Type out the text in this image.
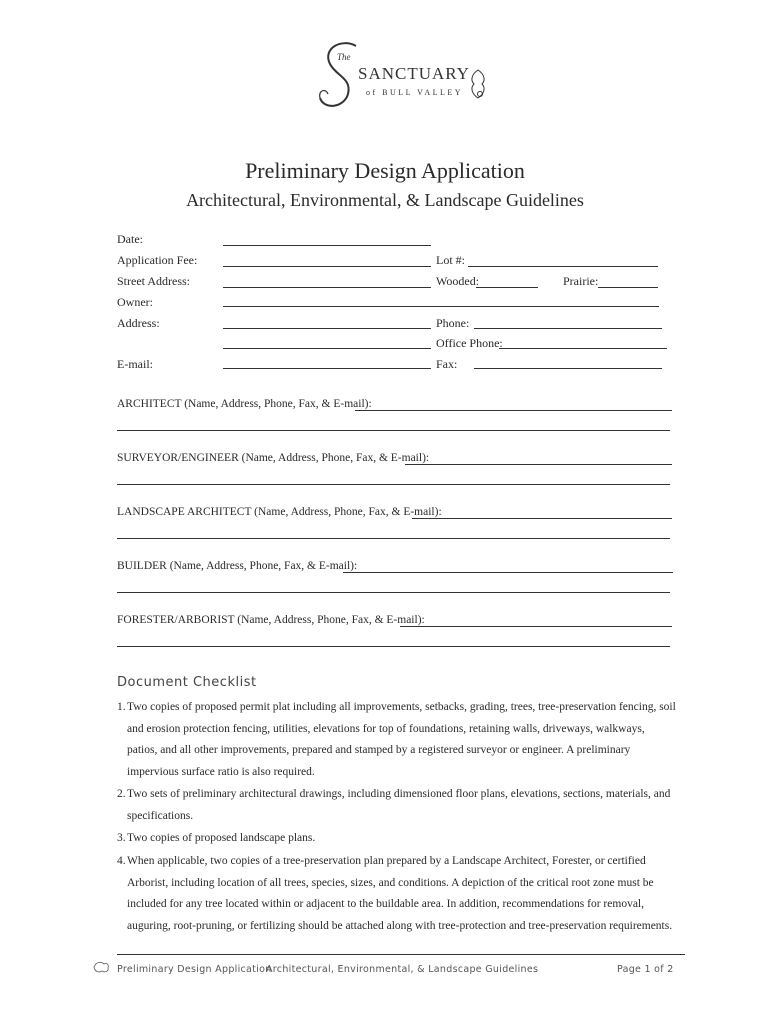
The
SANCTUARY
of BULL VALLEY
Preliminary Design Application
Architectural, Environmental, & Landscape Guidelines
Date:
Application Fee:	Lot #:
Street Address:	Wooded:	Prairie:
Owner:
Address:	Phone:
Office Phone:
E-mail:	Fax:
ARCHITECT (Name, Address, Phone, Fax, & E-mail):
SURVEYOR/ENGINEER (Name, Address, Phone, Fax, & E-mail):
LANDSCAPE ARCHITECT (Name, Address, Phone, Fax, & E-mail):
BUILDER (Name, Address, Phone, Fax, & E-mail):
FORESTER/ARBORIST (Name, Address, Phone, Fax, & E-mail):
Document Checklist
1. Two copies of proposed permit plat including all improvements, setbacks, grading, trees, tree-preservation fencing, soil and erosion protection fencing, utilities, elevations for top of foundations, retaining walls, driveways, walkways, patios, and all other improvements, prepared and stamped by a registered surveyor or engineer. A preliminary impervious surface ratio is also required.
2. Two sets of preliminary architectural drawings, including dimensioned floor plans, elevations, sections, materials, and specifications.
3. Two copies of proposed landscape plans.
4. When applicable, two copies of a tree-preservation plan prepared by a Landscape Architect, Forester, or certified Arborist, including location of all trees, species, sizes, and conditions. A depiction of the critical root zone must be included for any tree located within or adjacent to the buildable area. In addition, recommendations for removal, auguring, root-pruning, or fertilizing should be attached along with tree-protection and tree-preservation requirements.
Preliminary Design Application
Architectural, Environmental, & Landscape Guidelines	Page 1 of 2
